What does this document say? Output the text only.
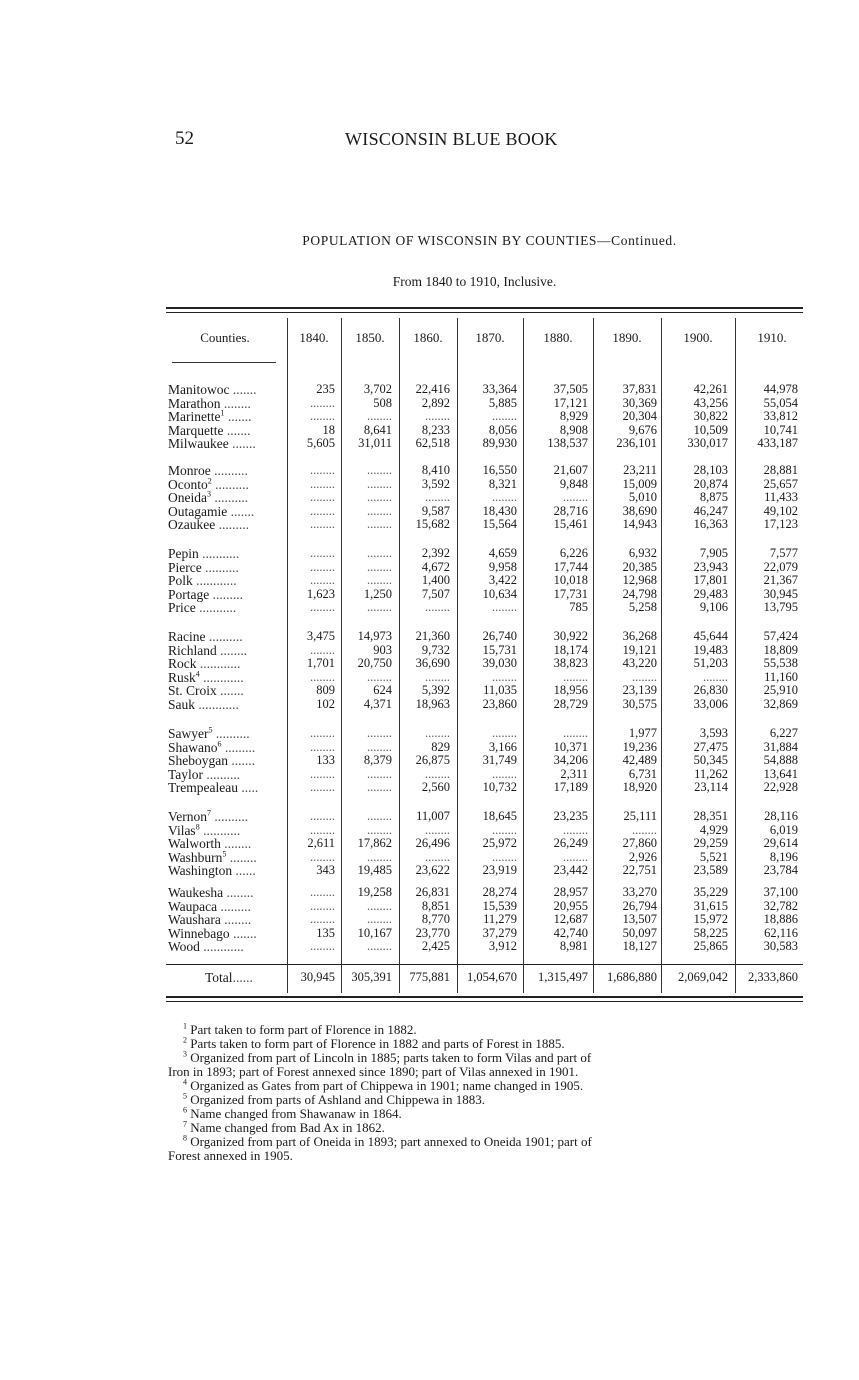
52	WISCONSIN BLUE BOOK
POPULATION OF WISCONSIN BY COUNTIES—Continued.
From 1840 to 1910, Inclusive.
Counties.	1840.	1850.	1860.	1870.	1880.	1890.	1900.	1910.
Manitowoc .......	235	3,702	22,416	33,364	37,505	37,831	42,261	44,978
Marathon ........	........	508	2,892	5,885	17,121	30,369	43,256	55,054
Marinette$^1$ .......	........	........	........	........	8,929	20,304	30,822	33,812
Marquette .......	18	8,641	8,233	8,056	8,908	9,676	10,509	10,741
Milwaukee .......	5,605	31,011	62,518	89,930	138,537	236,101	330,017	433,187
Monroe ..........	........	........	8,410	16,550	21,607	23,211	28,103	28,881
Oconto$^2$ ..........	........	........	3,592	8,321	9,848	15,009	20,874	25,657
Oneida$^3$ ..........	........	........	........	........	........	5,010	8,875	11,433
Outagamie .......	........	........	9,587	18,430	28,716	38,690	46,247	49,102
Ozaukee .........	........	........	15,682	15,564	15,461	14,943	16,363	17,123
Pepin ...........	........	........	2,392	4,659	6,226	6,932	7,905	7,577
Pierce ..........	........	........	4,672	9,958	17,744	20,385	23,943	22,079
Polk ............	........	........	1,400	3,422	10,018	12,968	17,801	21,367
Portage .........	1,623	1,250	7,507	10,634	17,731	24,798	29,483	30,945
Price ...........	........	........	........	........	785	5,258	9,106	13,795
Racine ..........	3,475	14,973	21,360	26,740	30,922	36,268	45,644	57,424
Richland ........	........	903	9,732	15,731	18,174	19,121	19,483	18,809
Rock ............	1,701	20,750	36,690	39,030	38,823	43,220	51,203	55,538
Rusk$^4$ ............	........	........	........	........	........	........	........	11,160
St. Croix .......	809	624	5,392	11,035	18,956	23,139	26,830	25,910
Sauk ............	102	4,371	18,963	23,860	28,729	30,575	33,006	32,869
Sawyer$^5$ ..........	........	........	........	........	........	1,977	3,593	6,227
Shawano$^6$ .........	........	........	829	3,166	10,371	19,236	27,475	31,884
Sheboygan .......	133	8,379	26,875	31,749	34,206	42,489	50,345	54,888
Taylor ..........	........	........	........	........	2,311	6,731	11,262	13,641
Trempealeau .....	........	........	2,560	10,732	17,189	18,920	23,114	22,928
Vernon$^7$ ..........	........	........	11,007	18,645	23,235	25,111	28,351	28,116
Vilas$^8$ ...........	........	........	........	........	........	........	4,929	6,019
Walworth ........	2,611	17,862	26,496	25,972	26,249	27,860	29,259	29,614
Washburn$^5$ ........	........	........	........	........	........	2,926	5,521	8,196
Washington ......	343	19,485	23,622	23,919	23,442	22,751	23,589	23,784
Waukesha ........	........	19,258	26,831	28,274	28,957	33,270	35,229	37,100
Waupaca .........	........	........	8,851	15,539	20,955	26,794	31,615	32,782
Waushara ........	........	........	8,770	11,279	12,687	13,507	15,972	18,886
Winnebago .......	135	10,167	23,770	37,279	42,740	50,097	58,225	62,116
Wood ............	........	........	2,425	3,912	8,981	18,127	25,865	30,583
Total......	30,945	305,391	775,881	1,054,670	1,315,497	1,686,880	2,069,042	2,333,860
$^1$ Part taken to form part of Florence in 1882.
$^2$ Parts taken to form part of Florence in 1882 and parts of Forest in 1885.
$^3$ Organized from part of Lincoln in 1885; parts taken to form Vilas and part of
Iron in 1893; part of Forest annexed since 1890; part of Vilas annexed in 1901.
$^4$ Organized as Gates from part of Chippewa in 1901; name changed in 1905.
$^5$ Organized from parts of Ashland and Chippewa in 1883.
$^6$ Name changed from Shawanaw in 1864.
$^7$ Name changed from Bad Ax in 1862.
$^8$ Organized from part of Oneida in 1893; part annexed to Oneida 1901; part of
Forest annexed in 1905.
